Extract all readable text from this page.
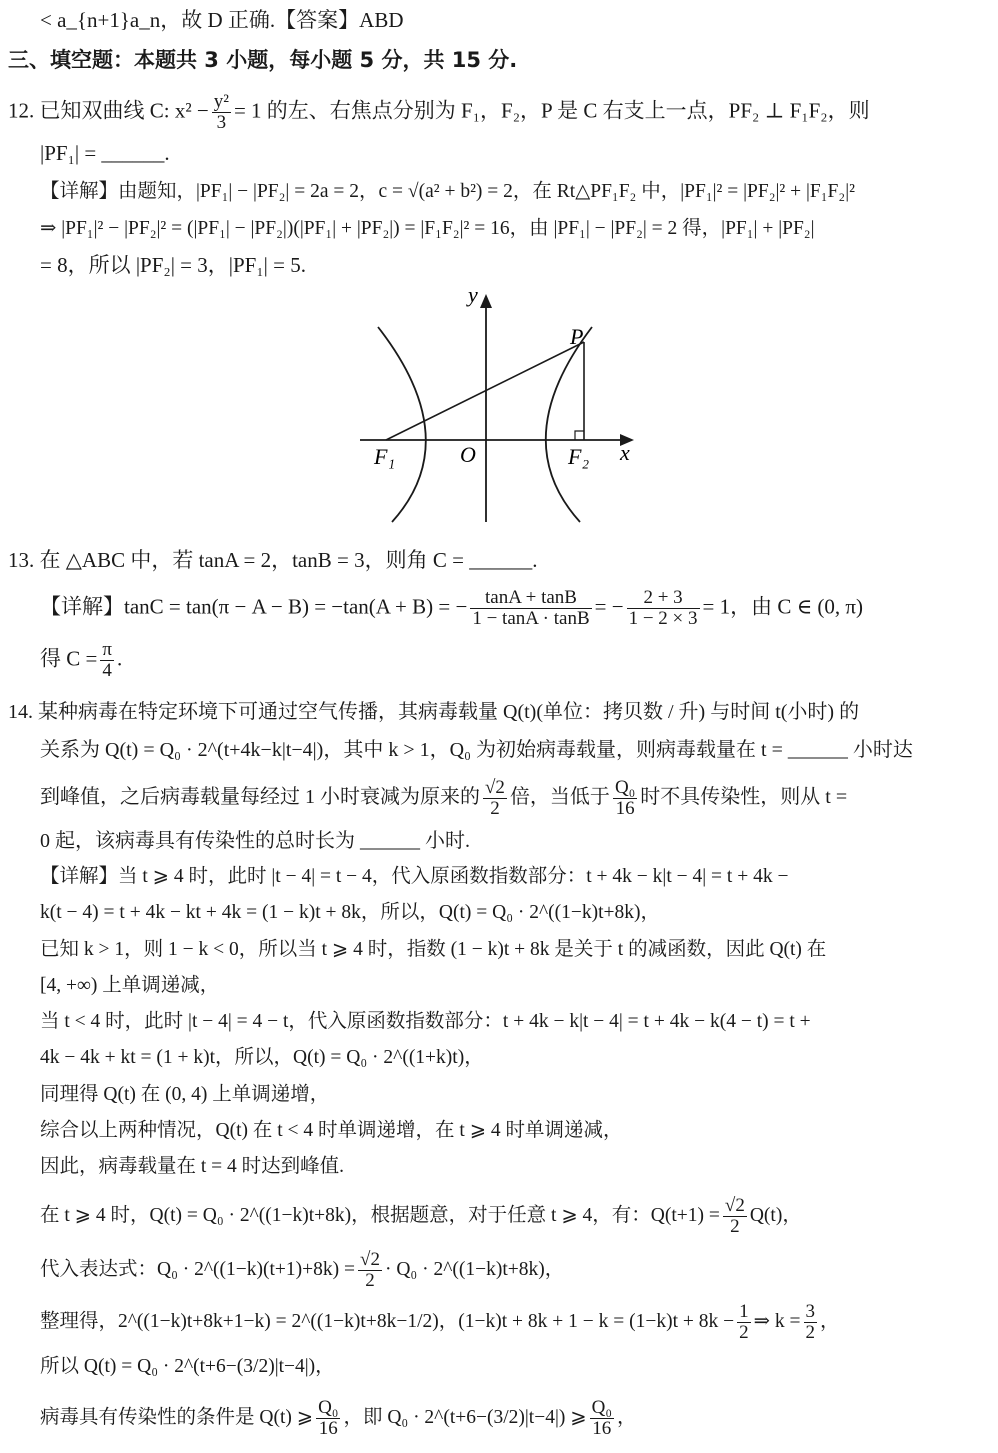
< a_{n+1}a_n，故 D 正确.【答案】ABD
三、填空题：本题共 3 小题，每小题 5 分，共 15 分.
12. 已知双曲线 C: $x^2 - \frac{\text{y²}}{3} = 1$ 的左、右焦点分别为 F₁，F₂，P 是 C 右支上一点，PF₂ ⊥ F₁F₂，则
|PF₁| = ______.
【详解】由题知，|PF₁| − |PF₂| = 2a = 2，c = √(a² + b²) = 2，在 Rt△PF₁F₂ 中，|PF₁|² = |PF₂|² + |F₁F₂|²
⇒ |PF₁|² − |PF₂|² = (|PF₁| − |PF₂|)(|PF₁| + |PF₂|) = |F₁F₂|² = 16，由 |PF₁| − |PF₂| = 2 得，|PF₁| + |PF₂|
= 8，所以 |PF₂| = 3，|PF₁| = 5.
y
x
P
O
F₁	F₂
13. 在 △ABC 中，若 tanA = 2，tanB = 3，则角 C = ______.
【详解】tanC = tan(π − A − B) = −tan(A + B) = − $\frac{\tan A + \tan B}{1 - \tan A \cdot \tan B}$ = − $\frac{2 + 3}{1 - 2 \times 3} = 1$，由 C ∈ (0, π)
得 $C = \frac{\pi}{4}$ .
14. 某种病毒在特定环境下可通过空气传播，其病毒载量 Q(t)(单位：拷贝数 / 升) 与时间 t(小时) 的
关系为 Q(t) = Q₀ · 2^(t+4k−k|t−4|)，其中 k > 1，Q₀ 为初始病毒载量，则病毒载量在 t = ______ 小时达
到峰值，之后病毒载量每经过 1 小时衰减为原来的 $\frac{√2}{2}$ 倍，当低于 $\frac{\text{Q₀}}{16}$ 时不具传染性，则从 t =
0 起，该病毒具有传染性的总时长为 ______ 小时.
【详解】当 t ⩾ 4 时，此时 |t − 4| = t − 4，代入原函数指数部分：t + 4k − k|t − 4| = t + 4k −
k(t − 4) = t + 4k − kt + 4k = (1 − k)t + 8k，所以，Q(t) = Q₀ · 2^((1−k)t+8k)，
已知 k > 1，则 1 − k < 0，所以当 t ⩾ 4 时，指数 (1 − k)t + 8k 是关于 t 的减函数，因此 Q(t) 在
[4, +∞) 上单调递减，
当 t < 4 时，此时 |t − 4| = 4 − t，代入原函数指数部分：t + 4k − k|t − 4| = t + 4k − k(4 − t) = t +
4k − 4k + kt = (1 + k)t，所以，Q(t) = Q₀ · 2^((1+k)t)，
同理得 Q(t) 在 (0, 4) 上单调递增，
综合以上两种情况，Q(t) 在 t < 4 时单调递增，在 t ⩾ 4 时单调递减，
因此，病毒载量在 t = 4 时达到峰值.
在 t ⩾ 4 时，Q(t) = Q₀ · 2^((1−k)t+8k)，根据题意，对于任意 t ⩾ 4，有：$Q(t+1) = \frac{√2}{2} Q(t)$，
代入表达式：Q₀ · 2^((1−k)(t+1)+8k) = $\frac{√2}{2} \cdot Q_0$ · 2^((1−k)t+8k)，
整理得，2^((1−k)t+8k+1−k) = 2^((1−k)t+8k−1/2)，$(1-k)t + 8k + 1 - k = (1-k)t + 8k - \frac{1}{2}$ ⇒ $k = \frac{3}{2}$ ，
所以 Q(t) = Q₀ · 2^(t+6−(3/2)|t−4|)，
病毒具有传染性的条件是 Q(t) ⩾ $\frac{\text{Q₀}}{16}$ ，即 Q₀ · 2^(t+6−(3/2)|t−4|) ⩾ $\frac{\text{Q₀}}{16}$ ，
